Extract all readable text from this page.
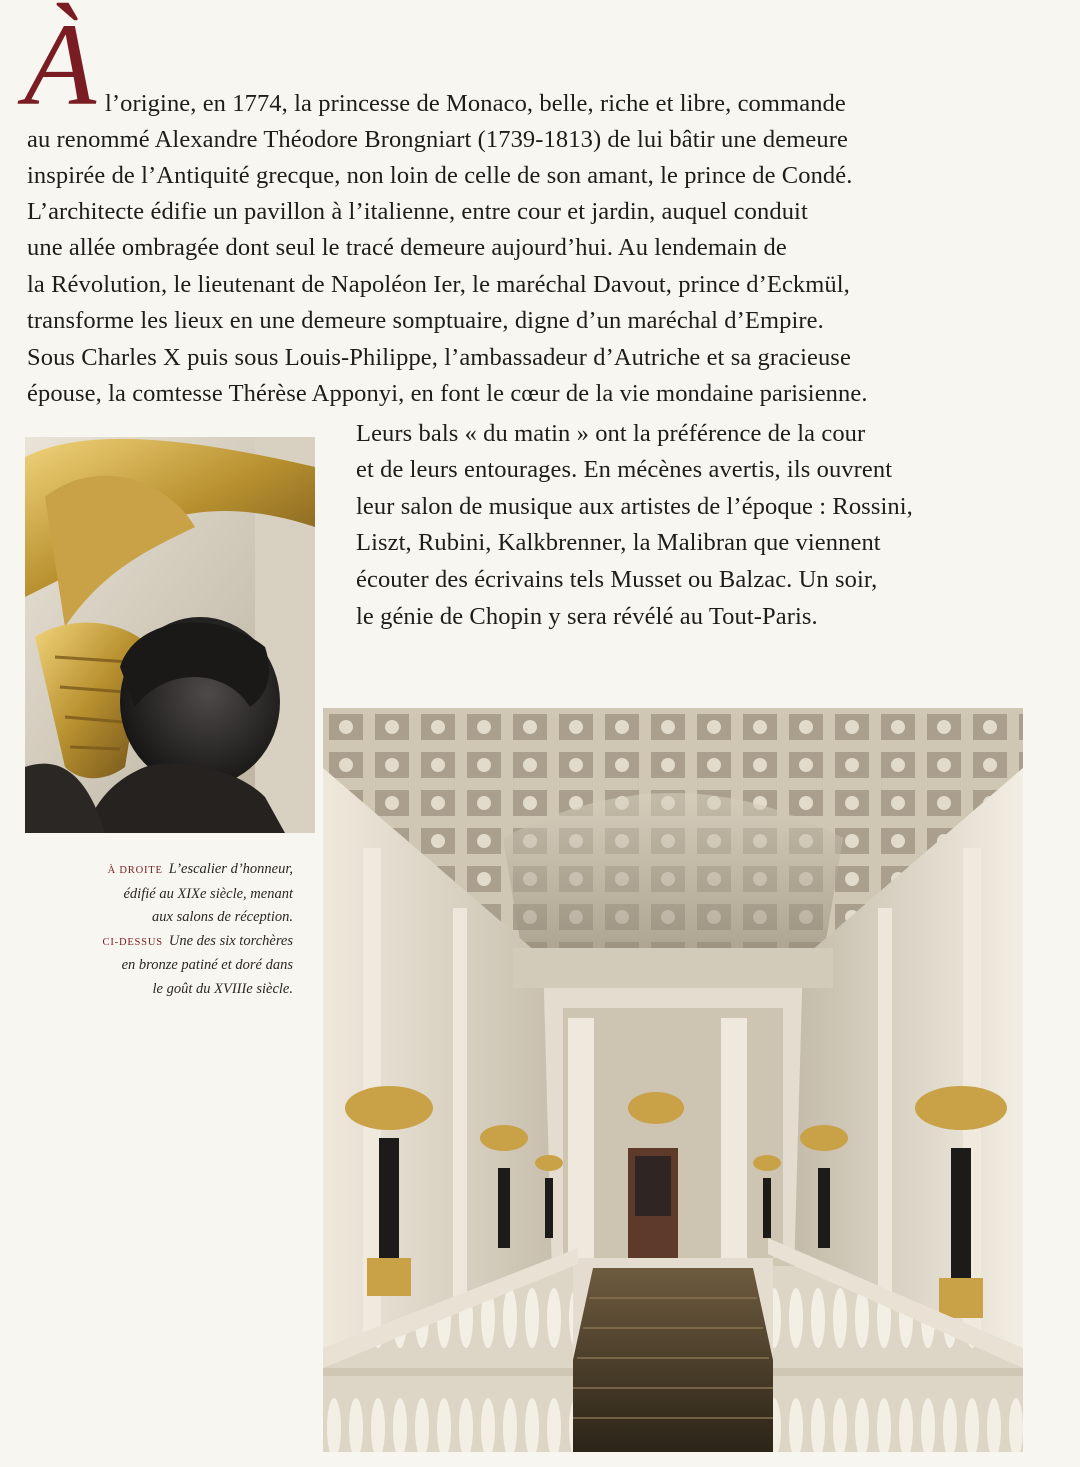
À l’origine, en 1774, la princesse de Monaco, belle, riche et libre, commande
au renommé Alexandre Théodore Brongniart (1739-1813) de lui bâtir une demeure
inspirée de l’Antiquité grecque, non loin de celle de son amant, le prince de Condé.
L’architecte édifie un pavillon à l’italienne, entre cour et jardin, auquel conduit
une allée ombragée dont seul le tracé demeure aujourd’hui. Au lendemain de
la Révolution, le lieutenant de Napoléon Ier, le maréchal Davout, prince d’Eckmül,
transforme les lieux en une demeure somptuaire, digne d’un maréchal d’Empire.
Sous Charles X puis sous Louis-Philippe, l’ambassadeur d’Autriche et sa gracieuse
épouse, la comtesse Thérèse Apponyi, en font le cœur de la vie mondaine parisienne.
Leurs bals « du matin » ont la préférence de la cour
et de leurs entourages. En mécènes avertis, ils ouvrent
leur salon de musique aux artistes de l’époque : Rossini,
Liszt, Rubini, Kalkbrenner, la Malibran que viennent
écouter des écrivains tels Musset ou Balzac. Un soir,
le génie de Chopin y sera révélé au Tout-Paris.
À DROITE L’escalier d’honneur,
édifié au XIXe siècle, menant
aux salons de réception.
CI-DESSUS Une des six torchères
en bronze patiné et doré dans
le goût du XVIIIe siècle.
